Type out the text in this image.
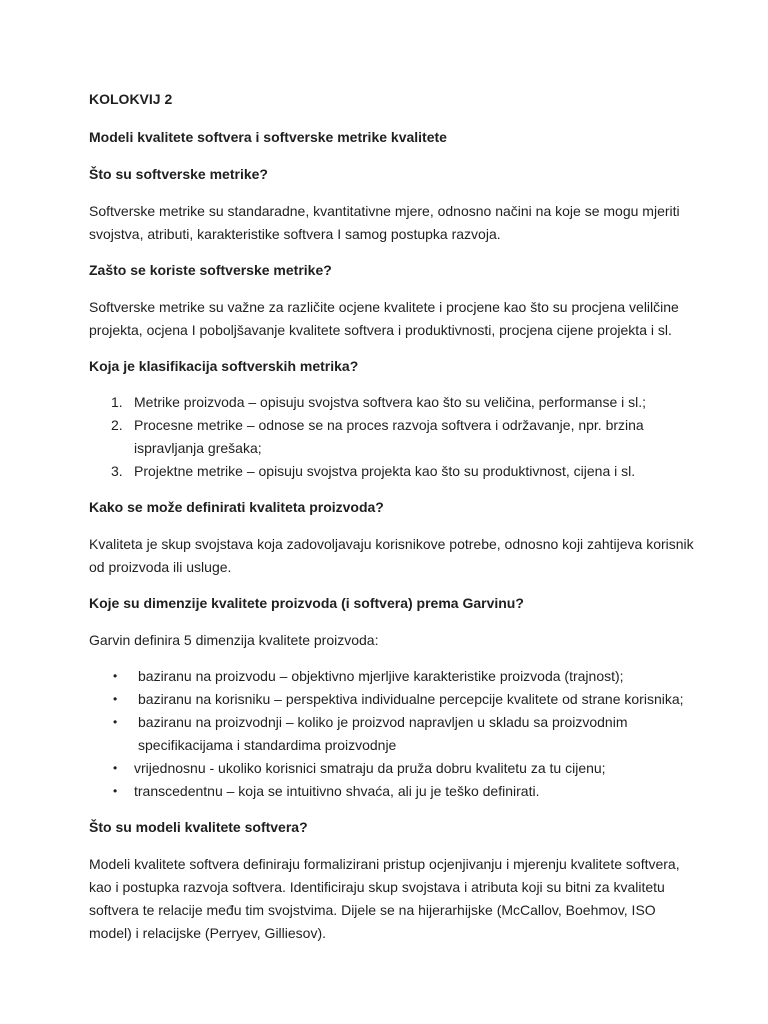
KOLOKVIJ 2

Modeli kvalitete softvera i softverske metrike kvalitete

Što su softverske metrike?

Softverske metrike su standaradne, kvantitativne mjere, odnosno načini na koje se mogu mjeriti svojstva, atributi, karakteristike softvera I samog postupka razvoja.

Zašto se koriste softverske metrike?

Softverske metrike su važne za različite ocjene kvalitete i procjene kao što su procjena velilčine projekta, ocjena I poboljšavanje kvalitete softvera i produktivnosti, procjena cijene projekta i sl.

Koja je klasifikacija softverskih metrika?

1. Metrike proizvoda – opisuju svojstva softvera kao što su veličina, performanse i sl.;
2. Procesne metrike – odnose se na proces razvoja softvera i održavanje, npr. brzina ispravljanja grešaka;
3. Projektne metrike – opisuju svojstva projekta kao što su produktivnost, cijena i sl.

Kako se može definirati kvaliteta proizvoda?

Kvaliteta je skup svojstava koja zadovoljavaju korisnikove potrebe, odnosno koji zahtijeva korisnik od proizvoda ili usluge.

Koje su dimenzije kvalitete proizvoda (i softvera) prema Garvinu?

Garvin definira 5 dimenzija kvalitete proizvoda:

• baziranu na proizvodu – objektivno mjerljive karakteristike proizvoda (trajnost);
• baziranu na korisniku – perspektiva individualne percepcije kvalitete od strane korisnika;
• baziranu na proizvodnji – koliko je proizvod napravljen u skladu sa proizvodnim specifikacijama i standardima proizvodnje
• vrijednosnu - ukoliko korisnici smatraju da pruža dobru kvalitetu za tu cijenu;
• transcedentnu – koja se intuitivno shvaća, ali ju je teško definirati.

Što su modeli kvalitete softvera?

Modeli kvalitete softvera definiraju formalizirani pristup ocjenjivanju i mjerenju kvalitete softvera, kao i postupka razvoja softvera. Identificiraju skup svojstava i atributa koji su bitni za kvalitetu softvera te relacije među tim svojstvima. Dijele se na hijerarhijske (McCallov, Boehmov, ISO model) i relacijske (Perryev, Gilliesov).
